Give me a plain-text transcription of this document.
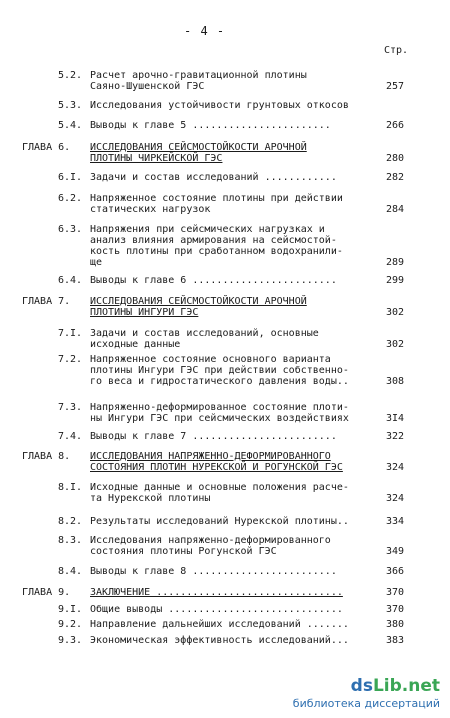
- 4 -
Стр.
5.2. Расчет арочно-гравитационной плотины
Саяно-Шушенской ГЭС	257
5.3. Исследования устойчивости грунтовых откосов
5.4. Выводы к главе 5 .......................	266
ГЛАВА 6. ИССЛЕДОВАНИЯ СЕЙСМОСТОЙКОСТИ АРОЧНОЙ
ПЛОТИНЫ ЧИРКЕЙСКОЙ ГЭС	280
6.I. Задачи и состав исследований ............	282
6.2. Напряженное состояние плотины при действии
статических нагрузок	284
6.3. Напряжения при сейсмических нагрузках и
анализ влияния армирования на сейсмостой-
кость плотины при сработанном водохранили-
ще	289
6.4. Выводы к главе 6 ........................	299
ГЛАВА 7. ИССЛЕДОВАНИЯ СЕЙСМОСТОЙКОСТИ АРОЧНОЙ
ПЛОТИНЫ ИНГУРИ ГЭС	302
7.I. Задачи и состав исследований, основные
исходные данные	302
7.2. Напряженное состояние основного варианта
плотины Ингури ГЭС при действии собственно-
го веса и гидростатического давления воды..	308
7.3. Напряженно-деформированное состояние плоти-
ны Ингури ГЭС при сейсмических воздействиях	3I4
7.4. Выводы к главе 7 ........................	322
ГЛАВА 8. ИССЛЕДОВАНИЯ НАПРЯЖЕННО-ДЕФОРМИРОВАННОГО
СОСТОЯНИЯ ПЛОТИН НУРЕКСКОЙ И РОГУНСКОЙ ГЭС	324
8.I. Исходные данные и основные положения расче-
та Нурекской плотины	324
8.2. Результаты исследований Нурекской плотины..	334
8.3. Исследования напряженно-деформированного
состояния плотины Рогунской ГЭС	349
8.4. Выводы к главе 8 ........................	366
ГЛАВА 9. ЗАКЛЮЧЕНИЕ ...............................	370
9.I. Общие выводы .............................	370
9.2. Направление дальнейших исследований .......	380
9.3. Экономическая эффективность исследований...	383
dsLib.net
библиотека диссертаций
